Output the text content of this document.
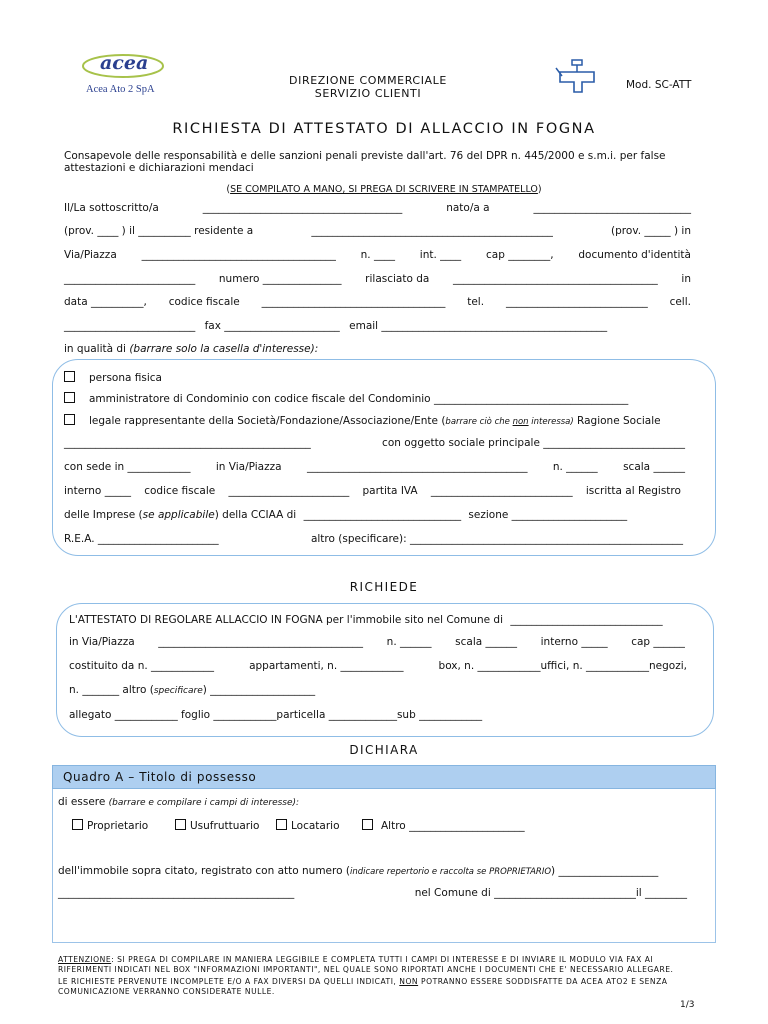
acea
Acea Ato 2 SpA
DIREZIONE COMMERCIALE
SERVIZIO CLIENTI
Mod. SC-ATT
RICHIESTA DI ATTESTATO DI ALLACCIO IN FOGNA
Consapevole delle responsabilità e delle sanzioni penali previste dall'art. 76 del DPR n. 445/2000 e s.m.i. per false
attestazioni e dichiarazioni mendaci
(SE COMPILATO A MANO, SI PREGA DI SCRIVERE IN STAMPATELLO)
Il/La sottoscritto/a	______________________________________	nato/a a	______________________________
(prov. ____ ) il __________ residente a	______________________________________________	(prov. _____ ) in
Via/Piazza _____________________________________ n. ____ int. ____ cap ________, documento d'identità
_________________________ numero _______________ rilasciato da _______________________________________ in
data __________, codice fiscale ___________________________________ tel. ___________________________ cell.
_________________________ fax ______________________ email ___________________________________________
in qualità di (barrare solo la casella d'interesse):
persona fisica
amministratore di Condominio con codice fiscale del Condominio _____________________________________
legale rappresentante della Società/Fondazione/Associazione/Ente (barrare ciò che non interessa) Ragione Sociale
_______________________________________________	con oggetto sociale principale ___________________________
con sede in ____________ in Via/Piazza __________________________________________ n. ______ scala ______
interno _____ codice fiscale _______________________ partita IVA ___________________________ iscritta al Registro
delle Imprese (se applicabile) della CCIAA di ______________________________ sezione ______________________
R.E.A. _______________________	altro (specificare): ____________________________________________________
RICHIEDE
L'ATTESTATO DI REGOLARE ALLACCIO IN FOGNA per l'immobile sito nel Comune di _____________________________
in Via/Piazza _______________________________________ n. ______ scala ______ interno _____ cap ______
costituito da n. ____________	appartamenti, n. ____________	box, n. ____________uffici, n. ____________negozi,
n. _______ altro (specificare) ____________________
allegato ____________ foglio ____________particella _____________sub ____________
DICHIARA
Quadro A – Titolo di possesso
di essere (barrare e compilare i campi di interesse):
Proprietario	Usufruttuario	Locatario	Altro ______________________
dell'immobile sopra citato, registrato con atto numero (indicare repertorio e raccolta se PROPRIETARIO) ___________________
_____________________________________________	nel Comune di ___________________________il ________
ATTENZIONE: SI PREGA DI COMPILARE IN MANIERA LEGGIBILE E COMPLETA TUTTI I CAMPI DI INTERESSE E DI INVIARE IL MODULO VIA FAX AI
RIFERIMENTI INDICATI NEL BOX "INFORMAZIONI IMPORTANTI", NEL QUALE SONO RIPORTATI ANCHE I DOCUMENTI CHE E' NECESSARIO ALLEGARE.
LE RICHIESTE PERVENUTE INCOMPLETE E/O A FAX DIVERSI DA QUELLI INDICATI, NON POTRANNO ESSERE SODDISFATTE DA ACEA ATO2 E SENZA
COMUNICAZIONE VERRANNO CONSIDERATE NULLE.
1/3
